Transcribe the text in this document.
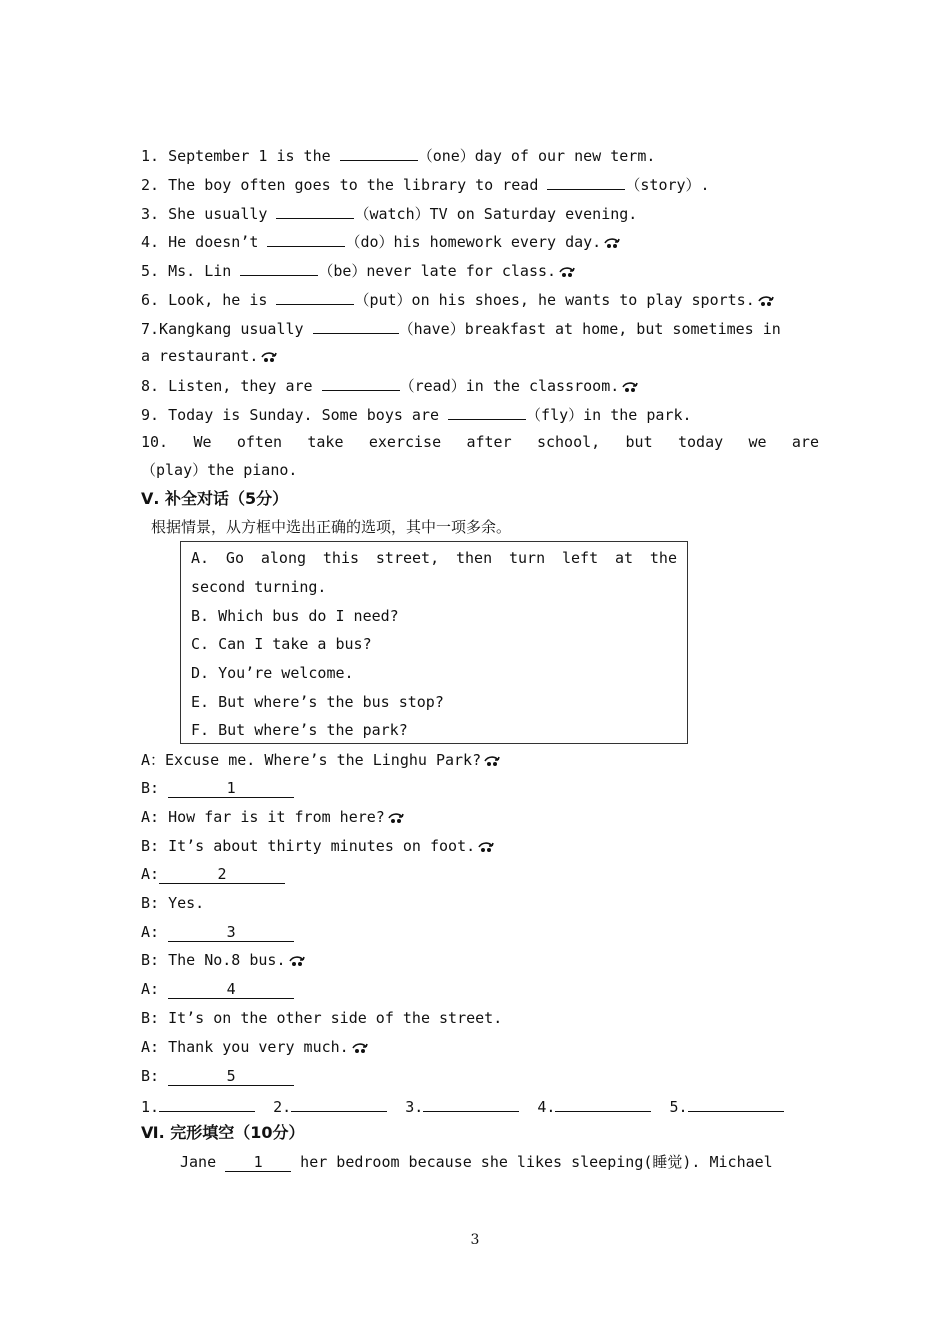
1. September 1 is the	（one）day of our new term.
2. The boy often goes to the library to read	（story）.
3. She usually	（watch）TV on Saturday evening.
4. He doesn’t	（do）his homework every day.
5. Ms. Lin	（be）never late for class.
6. Look, he is	（put）on his shoes, he wants to play sports.
7.Kangkang usually	（have）breakfast at home, but sometimes in
a restaurant.
8. Listen, they are	（read）in the classroom.
9. Today is Sunday. Some boys are	（fly）in the park.
10. We often take exercise after school, but today we are
（play）the piano.
Ⅴ. 补全对话（5分）
根据情景，从方框中选出正确的选项，其中一项多余。
A. Go along this street, then turn left at the
second turning.
B. Which bus do I need?
C. Can I take a bus?
D. You’re welcome.
E. But where’s the bus stop?
F. But where’s the park?
A：Excuse me. Where’s the Linghu Park?
B:	1
A: How far is it from here?
B: It’s about thirty minutes on foot.
A:	2
B: Yes.
A:	3
B: The No.8 bus.
A:	4
B: It’s on the other side of the street.
A: Thank you very much.
B:	5
1.	2.	3.	4.	5.
Ⅵ. 完形填空（10分）
Jane 1 her bedroom because she likes sleeping(睡觉). Michael
3
